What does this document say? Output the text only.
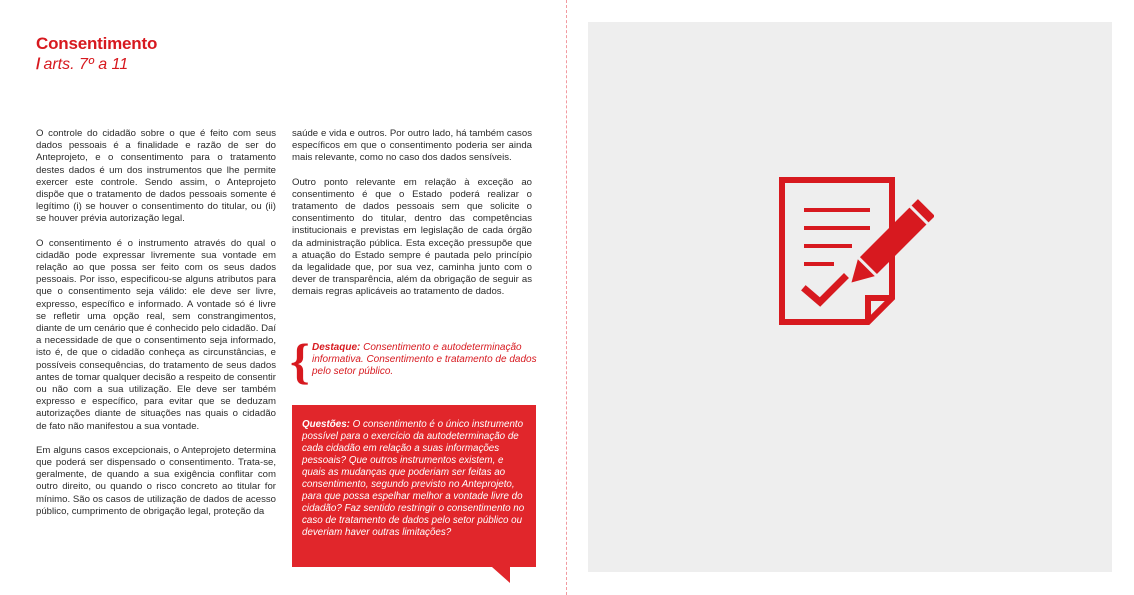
Consentimento
/ arts. 7º a 11

O controle do cidadão sobre o que é feito com seus dados pessoais é a finalidade e razão de ser do Anteprojeto, e o consentimento para o tratamento destes dados é um dos instrumentos que lhe permite exercer este controle. Sendo assim, o Anteprojeto dispõe que o tratamento de dados pessoais somente é legítimo (i) se houver o consentimento do titular, ou (ii) se houver prévia autorização legal.

O consentimento é o instrumento através do qual o cidadão pode expressar livremente sua vontade em relação ao que possa ser feito com os seus dados pessoais. Por isso, especificou-se alguns atributos para que o consentimento seja válido: ele deve ser livre, expresso, específico e informado. A vontade só é livre se refletir uma opção real, sem constrangimentos, diante de um cenário que é conhecido pelo cidadão. Daí a necessidade de que o consentimento seja informado, isto é, de que o cidadão conheça as circunstâncias, e possíveis consequências, do tratamento de seus dados antes de tomar qualquer decisão a respeito de consentir ou não com a sua utilização. Ele deve ser também expresso e específico, para evitar que se deduzam autorizações diante de situações nas quais o cidadão de fato não manifestou a sua vontade.

Em alguns casos excepcionais, o Anteprojeto determina que poderá ser dispensado o consentimento. Trata-se, geralmente, de quando a sua exigência conflitar com outro direito, ou quando o risco concreto ao titular for mínimo. São os casos de utilização de dados de acesso público, cumprimento de obrigação legal, proteção da

saúde e vida e outros. Por outro lado, há também casos específicos em que o consentimento poderia ser ainda mais relevante, como no caso dos dados sensíveis.

Outro ponto relevante em relação à exceção ao consentimento é que o Estado poderá realizar o tratamento de dados pessoais sem que solicite o consentimento do titular, dentro das competências institucionais e previstas em legislação de cada órgão da administração pública. Esta exceção pressupõe que a atuação do Estado sempre é pautada pelo princípio da legalidade que, por sua vez, caminha junto com o dever de transparência, além da obrigação de seguir as demais regras aplicáveis ao tratamento de dados.

{ Destaque: Consentimento e autodeterminação informativa. Consentimento e tratamento de dados pelo setor público.
Questões: O consentimento é o único instrumento possível para o exercício da autodeterminação de cada cidadão em relação a suas informações pessoais? Que outros instrumentos existem, e quais as mudanças que poderiam ser feitas ao consentimento, segundo previsto no Anteprojeto, para que possa espelhar melhor a vontade livre do cidadão? Faz sentido restringir o consentimento no caso de tratamento de dados pelo setor público ou deveriam haver outras limitações?
